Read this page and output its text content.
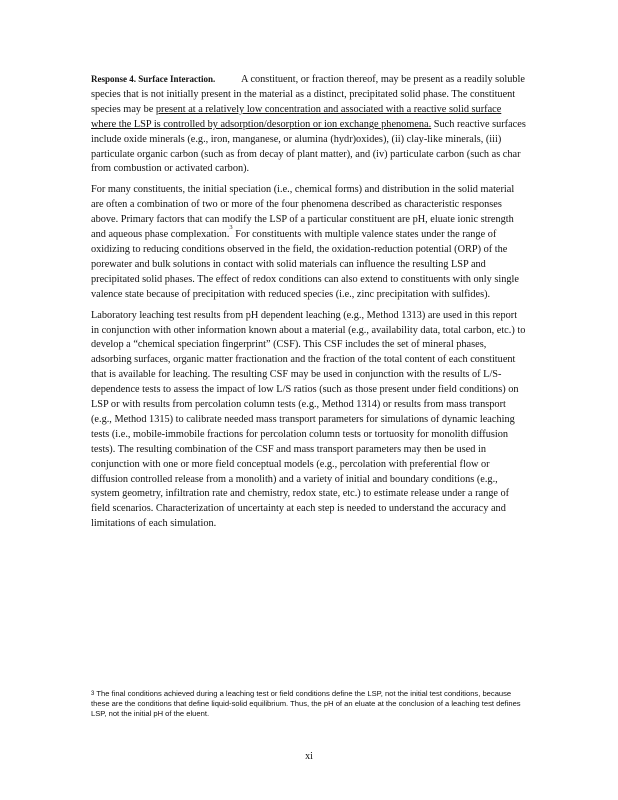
Response 4. Surface Interaction.	A constituent, or fraction thereof, may be present as a readily soluble species that is not initially present in the material as a distinct, precipitated solid phase. The constituent species may be present at a relatively low concentration and associated with a reactive solid surface where the LSP is controlled by adsorption/desorption or ion exchange phenomena. Such reactive surfaces include oxide minerals (e.g., iron, manganese, or alumina (hydr)oxides), (ii) clay‐like minerals, (iii) particulate organic carbon (such as from decay of plant matter), and (iv) particulate carbon (such as char from combustion or activated carbon).

For many constituents, the initial speciation (i.e., chemical forms) and distribution in the solid material are often a combination of two or more of the four phenomena described as characteristic responses above. Primary factors that can modify the LSP of a particular constituent are pH, eluate ionic strength and aqueous phase complexation.$^3$ For constituents with multiple valence states under the range of oxidizing to reducing conditions observed in the field, the oxidation‐reduction potential (ORP) of the porewater and bulk solutions in contact with solid materials can influence the resulting LSP and precipitated solid phases. The effect of redox conditions can also extend to constituents with only single valence state because of precipitation with reduced species (i.e., zinc precipitation with sulfides).

Laboratory leaching test results from pH dependent leaching (e.g., Method 1313) are used in this report in conjunction with other information known about a material (e.g., availability data, total carbon, etc.) to develop a “chemical speciation fingerprint” (CSF). This CSF includes the set of mineral phases, adsorbing surfaces, organic matter fractionation and the fraction of the total content of each constituent that is available for leaching. The resulting CSF may be used in conjunction with the results of L/S‐dependence tests to assess the impact of low L/S ratios (such as those present under field conditions) on LSP or with results from percolation column tests (e.g., Method 1314) or results from mass transport (e.g., Method 1315) to calibrate needed mass transport parameters for simulations of dynamic leaching tests (i.e., mobile‐immobile fractions for percolation column tests or tortuosity for monolith diffusion tests). The resulting combination of the CSF and mass transport parameters may then be used in conjunction with one or more field conceptual models (e.g., percolation with preferential flow or diffusion controlled release from a monolith) and a variety of initial and boundary conditions (e.g., system geometry, infiltration rate and chemistry, redox state, etc.) to estimate release under a range of field scenarios. Characterization of uncertainty at each step is needed to understand the accuracy and limitations of each simulation.

$^3$ The final conditions achieved during a leaching test or field conditions define the LSP, not the initial test conditions, because these are the conditions that define liquid‐solid equilibrium. Thus, the pH of an eluate at the conclusion of a leaching test defines LSP, not the initial pH of the eluent.
xi
